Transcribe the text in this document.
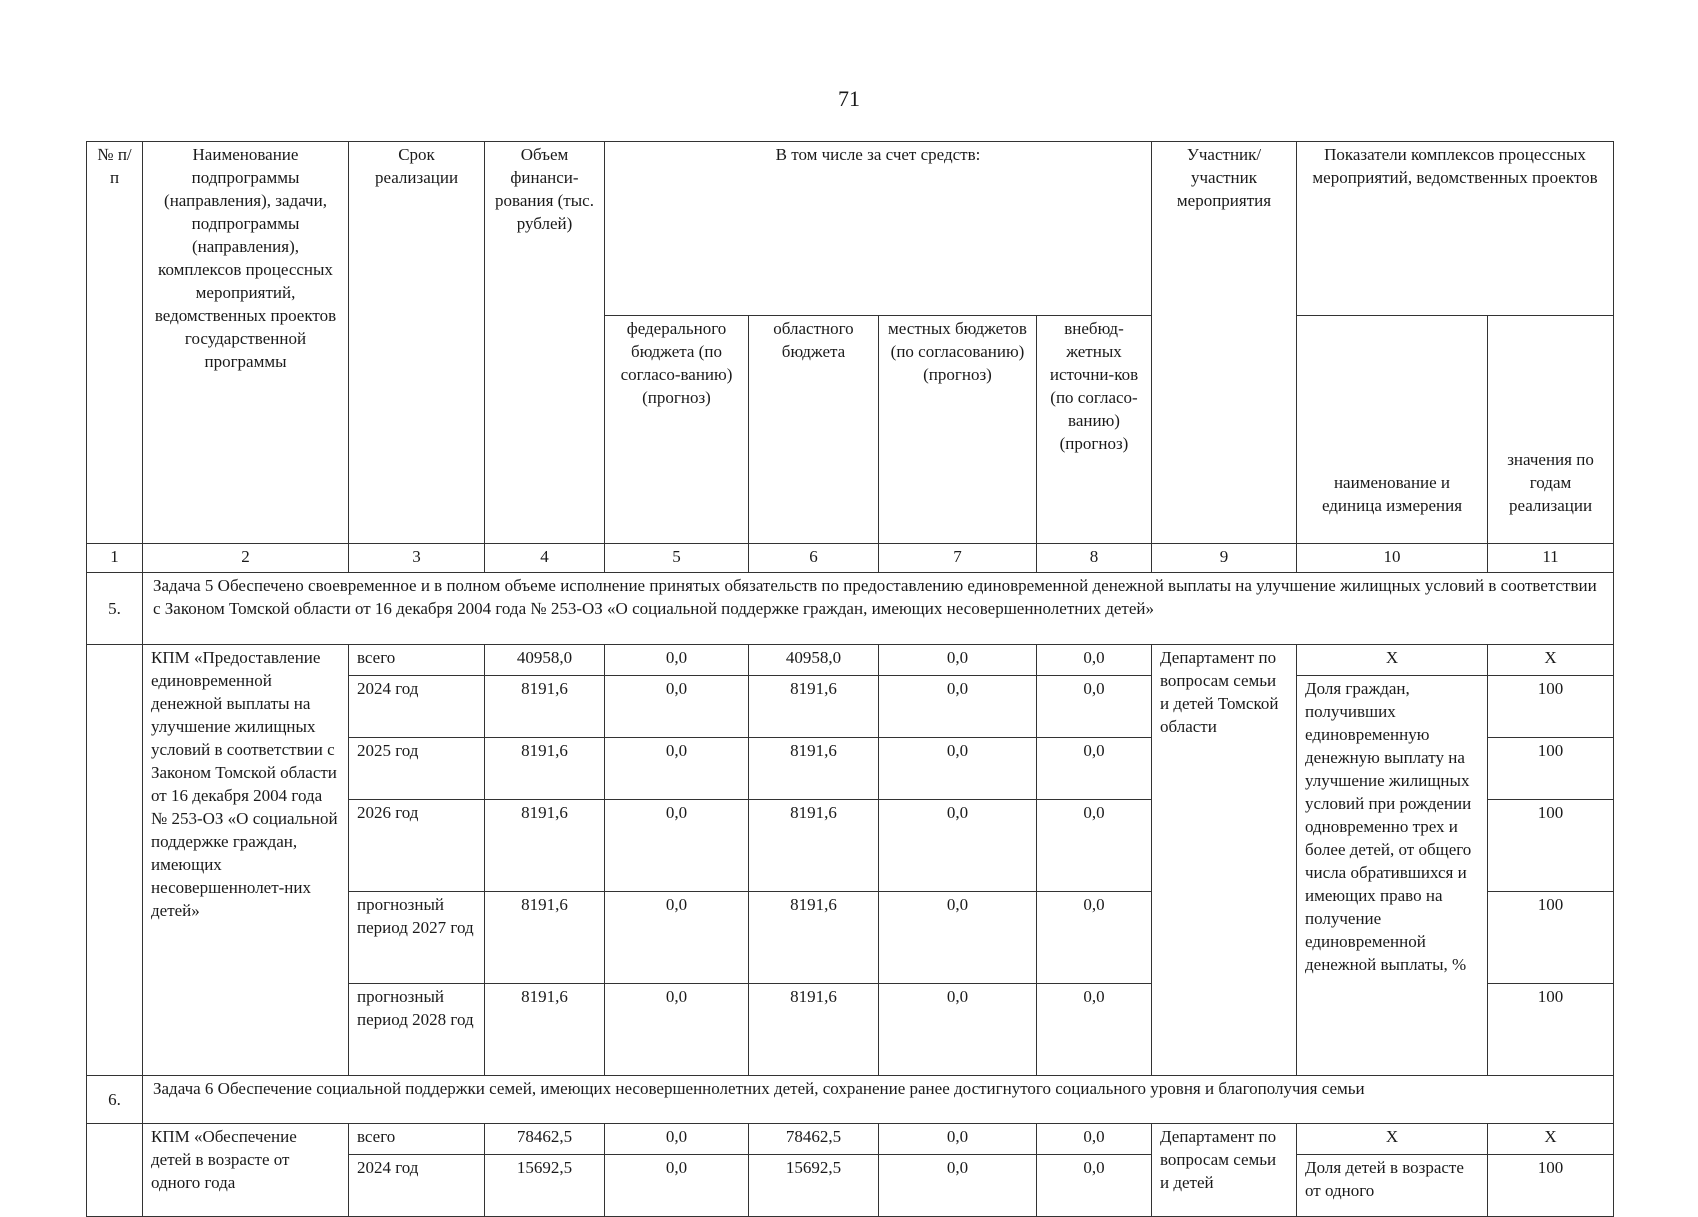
71
№ п/п	Наименование подпрограммы (направления), задачи, подпрограммы (направления), комплексов процессных мероприятий, ведомственных проектов государственной программы	Срок реализации	Объем финанси-рования (тыс. рублей)	В том числе за счет средств:				Участник/ участник мероприятия	Показатели комплексов процессных мероприятий, ведомственных проектов	
				федерального бюджета (по согласо-ванию) (прогноз)	областного бюджета	местных бюджетов (по согласованию) (прогноз)	внебюд-жетных источни-ков (по согласо-ванию) (прогноз)		наименование и единица измерения	значения по годам реализации
1	2	3	4	5	6	7	8	9	10	11
5.	Задача 5 Обеспечено своевременное и в полном объеме исполнение принятых обязательств по предоставлению единовременной денежной выплаты на улучшение жилищных условий в соответствии с Законом Томской области от 16 декабря 2004 года № 253-ОЗ «О социальной поддержке граждан, имеющих несовершеннолетних детей»									
	КПМ «Предоставление единовременной денежной выплаты на улучшение жилищных условий в соответствии с Законом Томской области от 16 декабря 2004 года № 253-ОЗ «О социальной поддержке граждан, имеющих несовершеннолет-них детей»	всего	40958,0	0,0	40958,0	0,0	0,0	Департамент по вопросам семьи и детей Томской области	Х	Х
		2024 год	8191,6	0,0	8191,6	0,0	0,0		Доля граждан, получивших единовременную денежную выплату на улучшение жилищных условий при рождении одновременно трех и более детей, от общего числа обратившихся и имеющих право на получение единовременной денежной выплаты, %	100
		2025 год	8191,6	0,0	8191,6	0,0	0,0			100
		2026 год	8191,6	0,0	8191,6	0,0	0,0			100
		прогнозный период 2027 год	8191,6	0,0	8191,6	0,0	0,0			100
		прогнозный период 2028 год	8191,6	0,0	8191,6	0,0	0,0			100
6.	Задача 6 Обеспечение социальной поддержки семей, имеющих несовершеннолетних детей, сохранение ранее достигнутого социального уровня и благополучия семьи									
	КПМ «Обеспечение детей в возрасте от одного года	всего	78462,5	0,0	78462,5	0,0	0,0	Департамент по вопросам семьи и детей	Х	Х
		2024 год	15692,5	0,0	15692,5	0,0	0,0		Доля детей в возрасте от одного	100
